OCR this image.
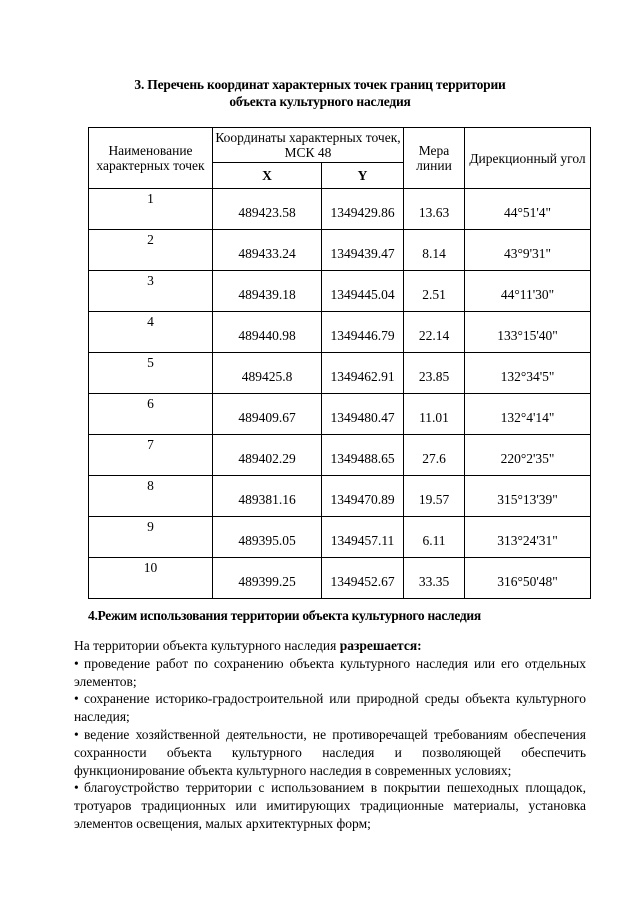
3. Перечень координат характерных точек границ территории
объекта культурного наследия
Наименование характерных точек	Координаты характерных точек, МСК 48		Мера линии	Дирекционный угол
	X	Y		
1	489423.58	1349429.86	13.63	44°51'4"
2	489433.24	1349439.47	8.14	43°9'31"
3	489439.18	1349445.04	2.51	44°11'30"
4	489440.98	1349446.79	22.14	133°15'40"
5	489425.8	1349462.91	23.85	132°34'5"
6	489409.67	1349480.47	11.01	132°4'14"
7	489402.29	1349488.65	27.6	220°2'35"
8	489381.16	1349470.89	19.57	315°13'39"
9	489395.05	1349457.11	6.11	313°24'31"
10	489399.25	1349452.67	33.35	316°50'48"
4.Режим использования территории объекта культурного наследия

На территории объекта культурного наследия разрешается:

• проведение работ по сохранению объекта культурного наследия или его отдельных элементов;
• сохранение историко-градостроительной или природной среды объекта культурного наследия;
• ведение хозяйственной деятельности, не противоречащей требованиям обеспечения сохранности объекта культурного наследия и позволяющей обеспечить функционирование объекта культурного наследия в современных условиях;
• благоустройство территории с использованием в покрытии пешеходных площадок, тротуаров традиционных или имитирующих традиционные материалы, установка элементов освещения, малых архитектурных форм;
